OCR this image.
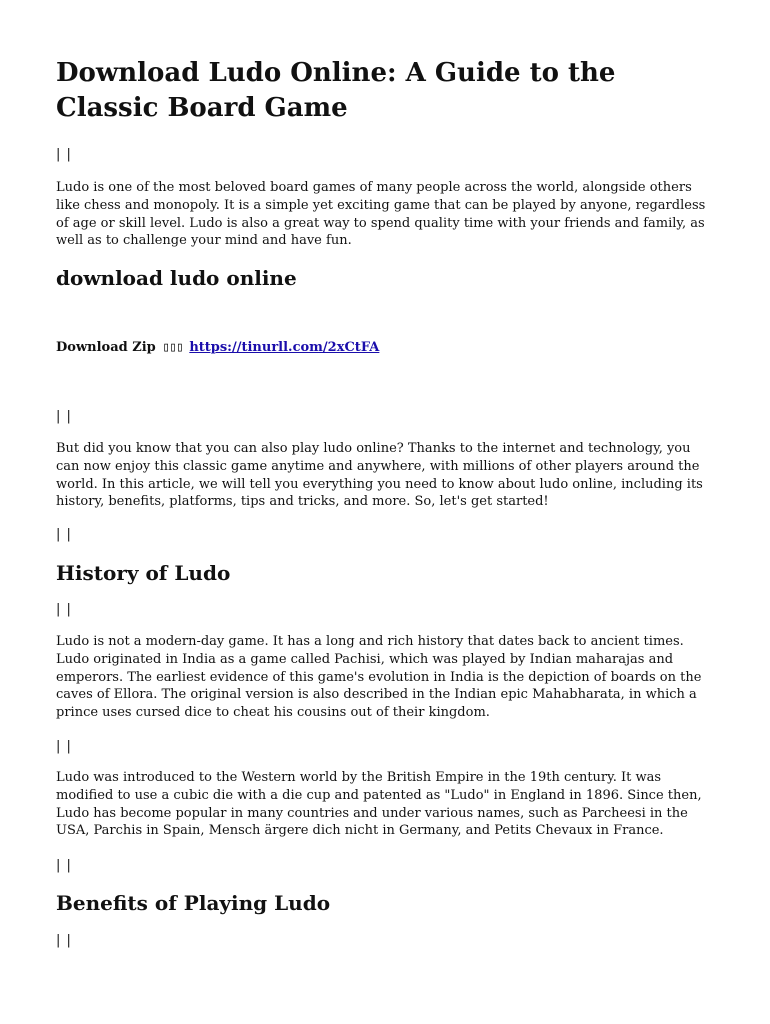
Download Ludo Online: A Guide to the Classic Board Game
| |

Ludo is one of the most beloved board games of many people across the world, alongside others like chess and monopoly. It is a simple yet exciting game that can be played by anyone, regardless of age or skill level. Ludo is also a great way to spend quality time with your friends and family, as well as to challenge your mind and have fun.

download ludo online
Download Zip ▯▯▯ https://tinurll.com/2xCtFA
| |

But did you know that you can also play ludo online? Thanks to the internet and technology, you can now enjoy this classic game anytime and anywhere, with millions of other players around the world. In this article, we will tell you everything you need to know about ludo online, including its history, benefits, platforms, tips and tricks, and more. So, let's get started!

| |
History of Ludo
| |

Ludo is not a modern-day game. It has a long and rich history that dates back to ancient times. Ludo originated in India as a game called Pachisi, which was played by Indian maharajas and emperors. The earliest evidence of this game's evolution in India is the depiction of boards on the caves of Ellora. The original version is also described in the Indian epic Mahabharata, in which a prince uses cursed dice to cheat his cousins out of their kingdom.

| |

Ludo was introduced to the Western world by the British Empire in the 19th century. It was modified to use a cubic die with a die cup and patented as "Ludo" in England in 1896. Since then, Ludo has become popular in many countries and under various names, such as Parcheesi in the USA, Parchis in Spain, Mensch ärgere dich nicht in Germany, and Petits Chevaux in France.

| |
Benefits of Playing Ludo
| |
